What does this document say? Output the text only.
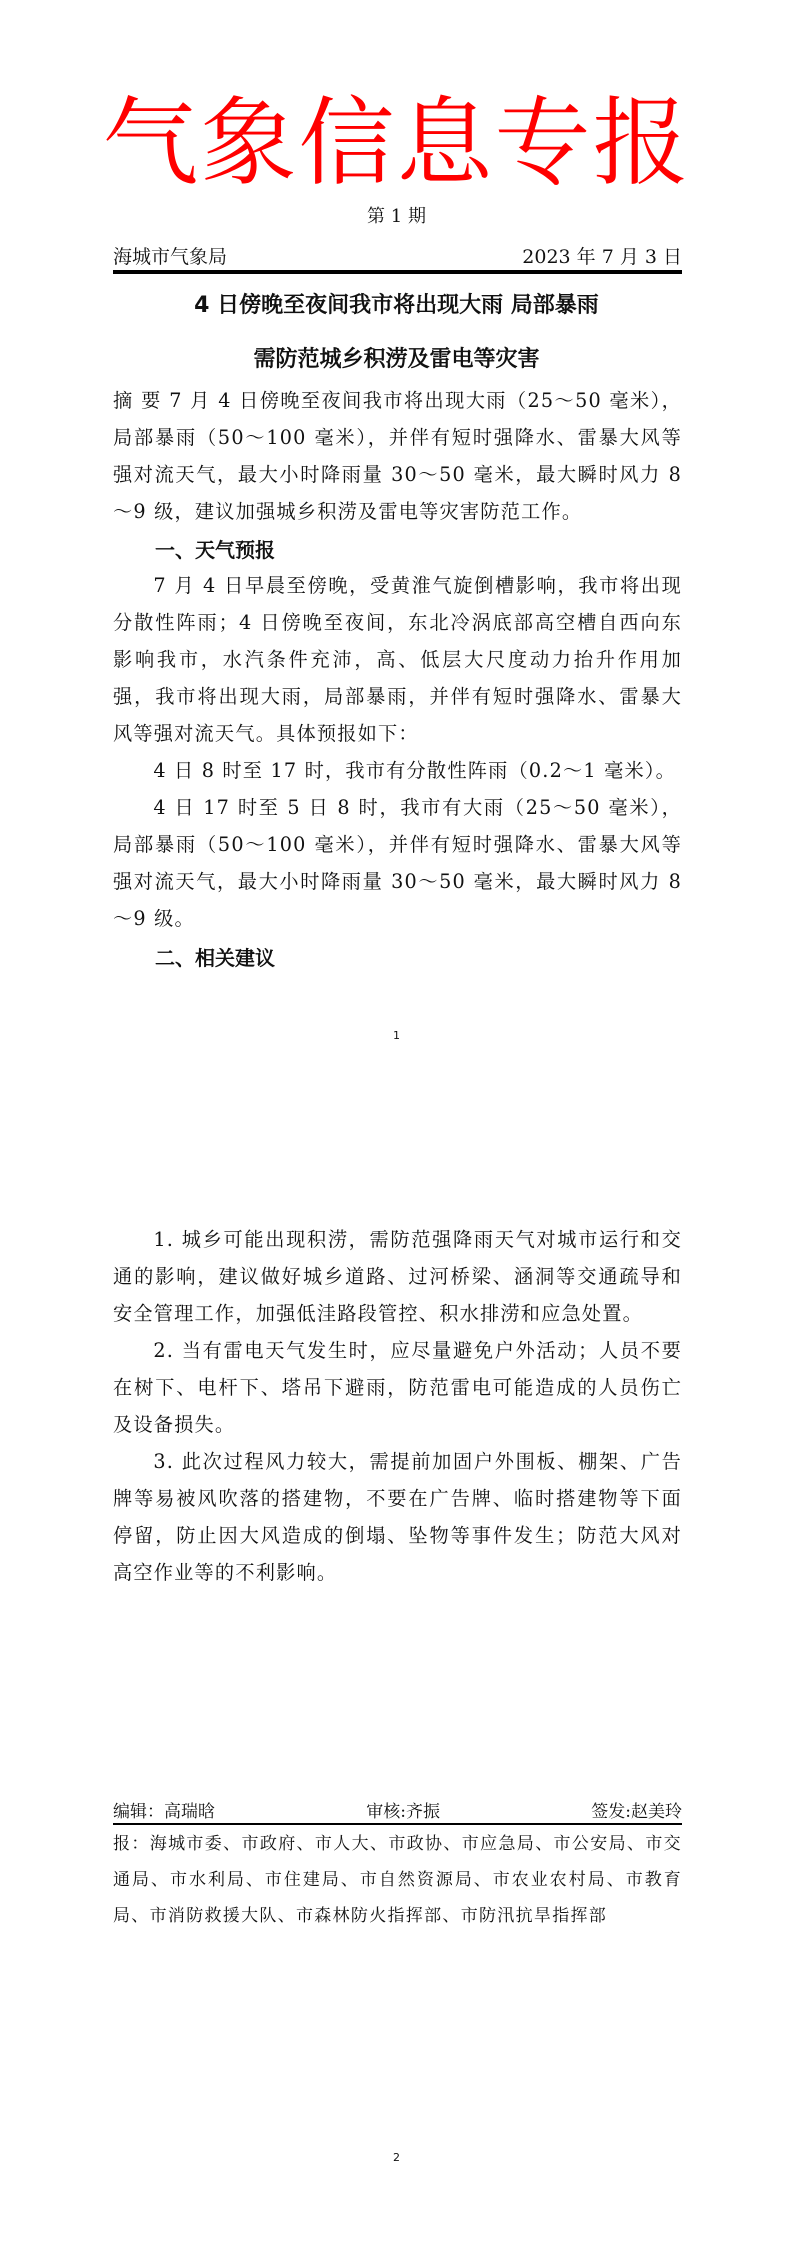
气象信息专报
第 1 期
海城市气象局	2023 年 7 月 3 日
4 日傍晚至夜间我市将出现大雨 局部暴雨
需防范城乡积涝及雷电等灾害
摘 要 7 月 4 日傍晚至夜间我市将出现大雨（25～50 毫米），局部暴雨（50～100 毫米），并伴有短时强降水、雷暴大风等强对流天气，最大小时降雨量 30～50 毫米，最大瞬时风力 8～9 级，建议加强城乡积涝及雷电等灾害防范工作。
一、天气预报
7 月 4 日早晨至傍晚，受黄淮气旋倒槽影响，我市将出现分散性阵雨；4 日傍晚至夜间，东北冷涡底部高空槽自西向东影响我市，水汽条件充沛，高、低层大尺度动力抬升作用加强，我市将出现大雨，局部暴雨，并伴有短时强降水、雷暴大风等强对流天气。具体预报如下：
4 日 8 时至 17 时，我市有分散性阵雨（0.2～1 毫米）。
4 日 17 时至 5 日 8 时，我市有大雨（25～50 毫米），局部暴雨（50～100 毫米），并伴有短时强降水、雷暴大风等强对流天气，最大小时降雨量 30～50 毫米，最大瞬时风力 8～9 级。
二、相关建议
1
1. 城乡可能出现积涝，需防范强降雨天气对城市运行和交通的影响，建议做好城乡道路、过河桥梁、涵洞等交通疏导和安全管理工作，加强低洼路段管控、积水排涝和应急处置。
2. 当有雷电天气发生时，应尽量避免户外活动；人员不要在树下、电杆下、塔吊下避雨，防范雷电可能造成的人员伤亡及设备损失。
3. 此次过程风力较大，需提前加固户外围板、棚架、广告牌等易被风吹落的搭建物，不要在广告牌、临时搭建物等下面停留，防止因大风造成的倒塌、坠物等事件发生；防范大风对高空作业等的不利影响。
编辑：高瑞晗	审核:齐振	签发:赵美玲
报：海城市委、市政府、市人大、市政协、市应急局、市公安局、市交通局、市水利局、市住建局、市自然资源局、市农业农村局、市教育局、市消防救援大队、市森林防火指挥部、市防汛抗旱指挥部
2
